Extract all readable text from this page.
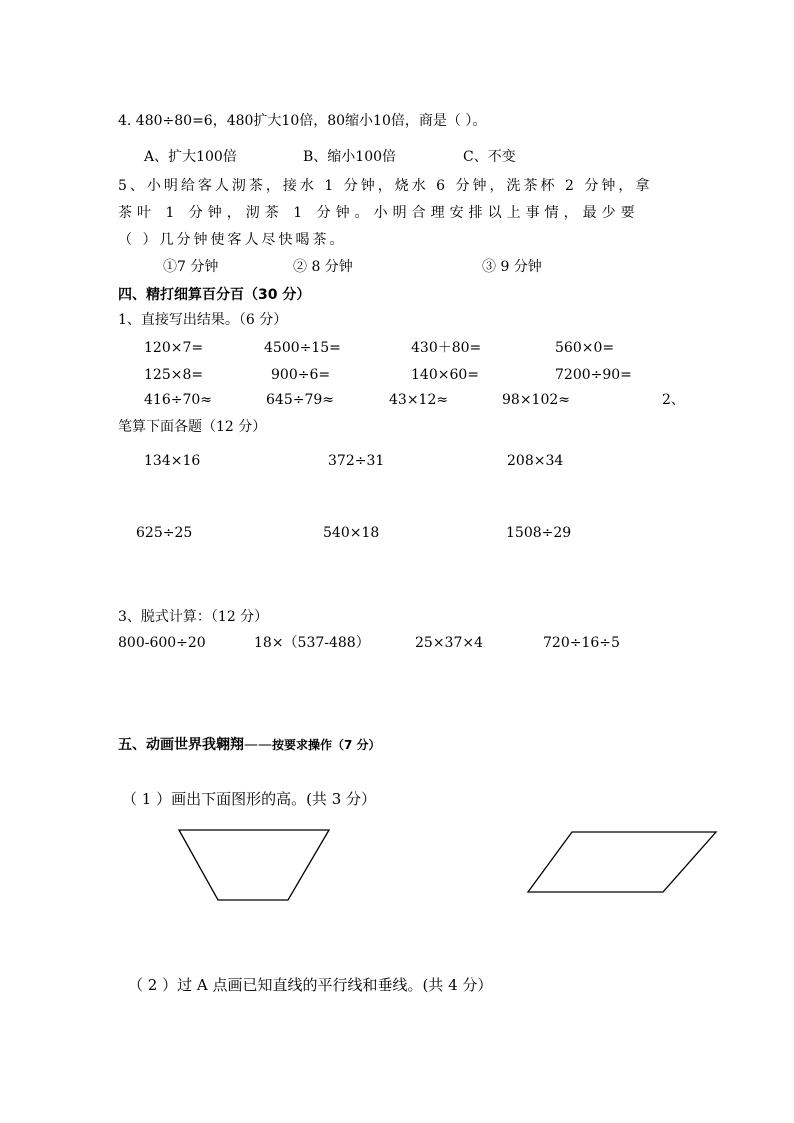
4. 480÷80=6，480扩大10倍，80缩小10倍，商是（ ）。
A、扩大100倍	B、缩小100倍	C、不变
5、小明给客人沏茶，接水 1 分钟，烧水 6 分钟，洗茶杯 2 分钟，拿
茶叶 1 分钟，沏茶 1 分钟。小明合理安排以上事情，最少要
（ ）几分钟使客人尽快喝茶。
①7 分钟	② 8 分钟	③ 9 分钟
四、精打细算百分百（30 分）
1、直接写出结果。（6 分）
120×7=	4500÷15=	430＋80=	560×0=
125×8=	900÷6=	140×60=	7200÷90=
416÷70≈	645÷79≈	43×12≈	98×102≈	2、
笔算下面各题（12 分）
134×16	372÷31	208×34
625÷25	540×18	1508÷29
3、脱式计算：（12 分）
800-600÷20	18×（537-488）	25×37×4	720÷16÷5
五、动画世界我翱翔——按要求操作（7 分）
（ 1 ）画出下面图形的高。(共 3 分）
（ 2 ）过 A 点画已知直线的平行线和垂线。(共 4 分）
